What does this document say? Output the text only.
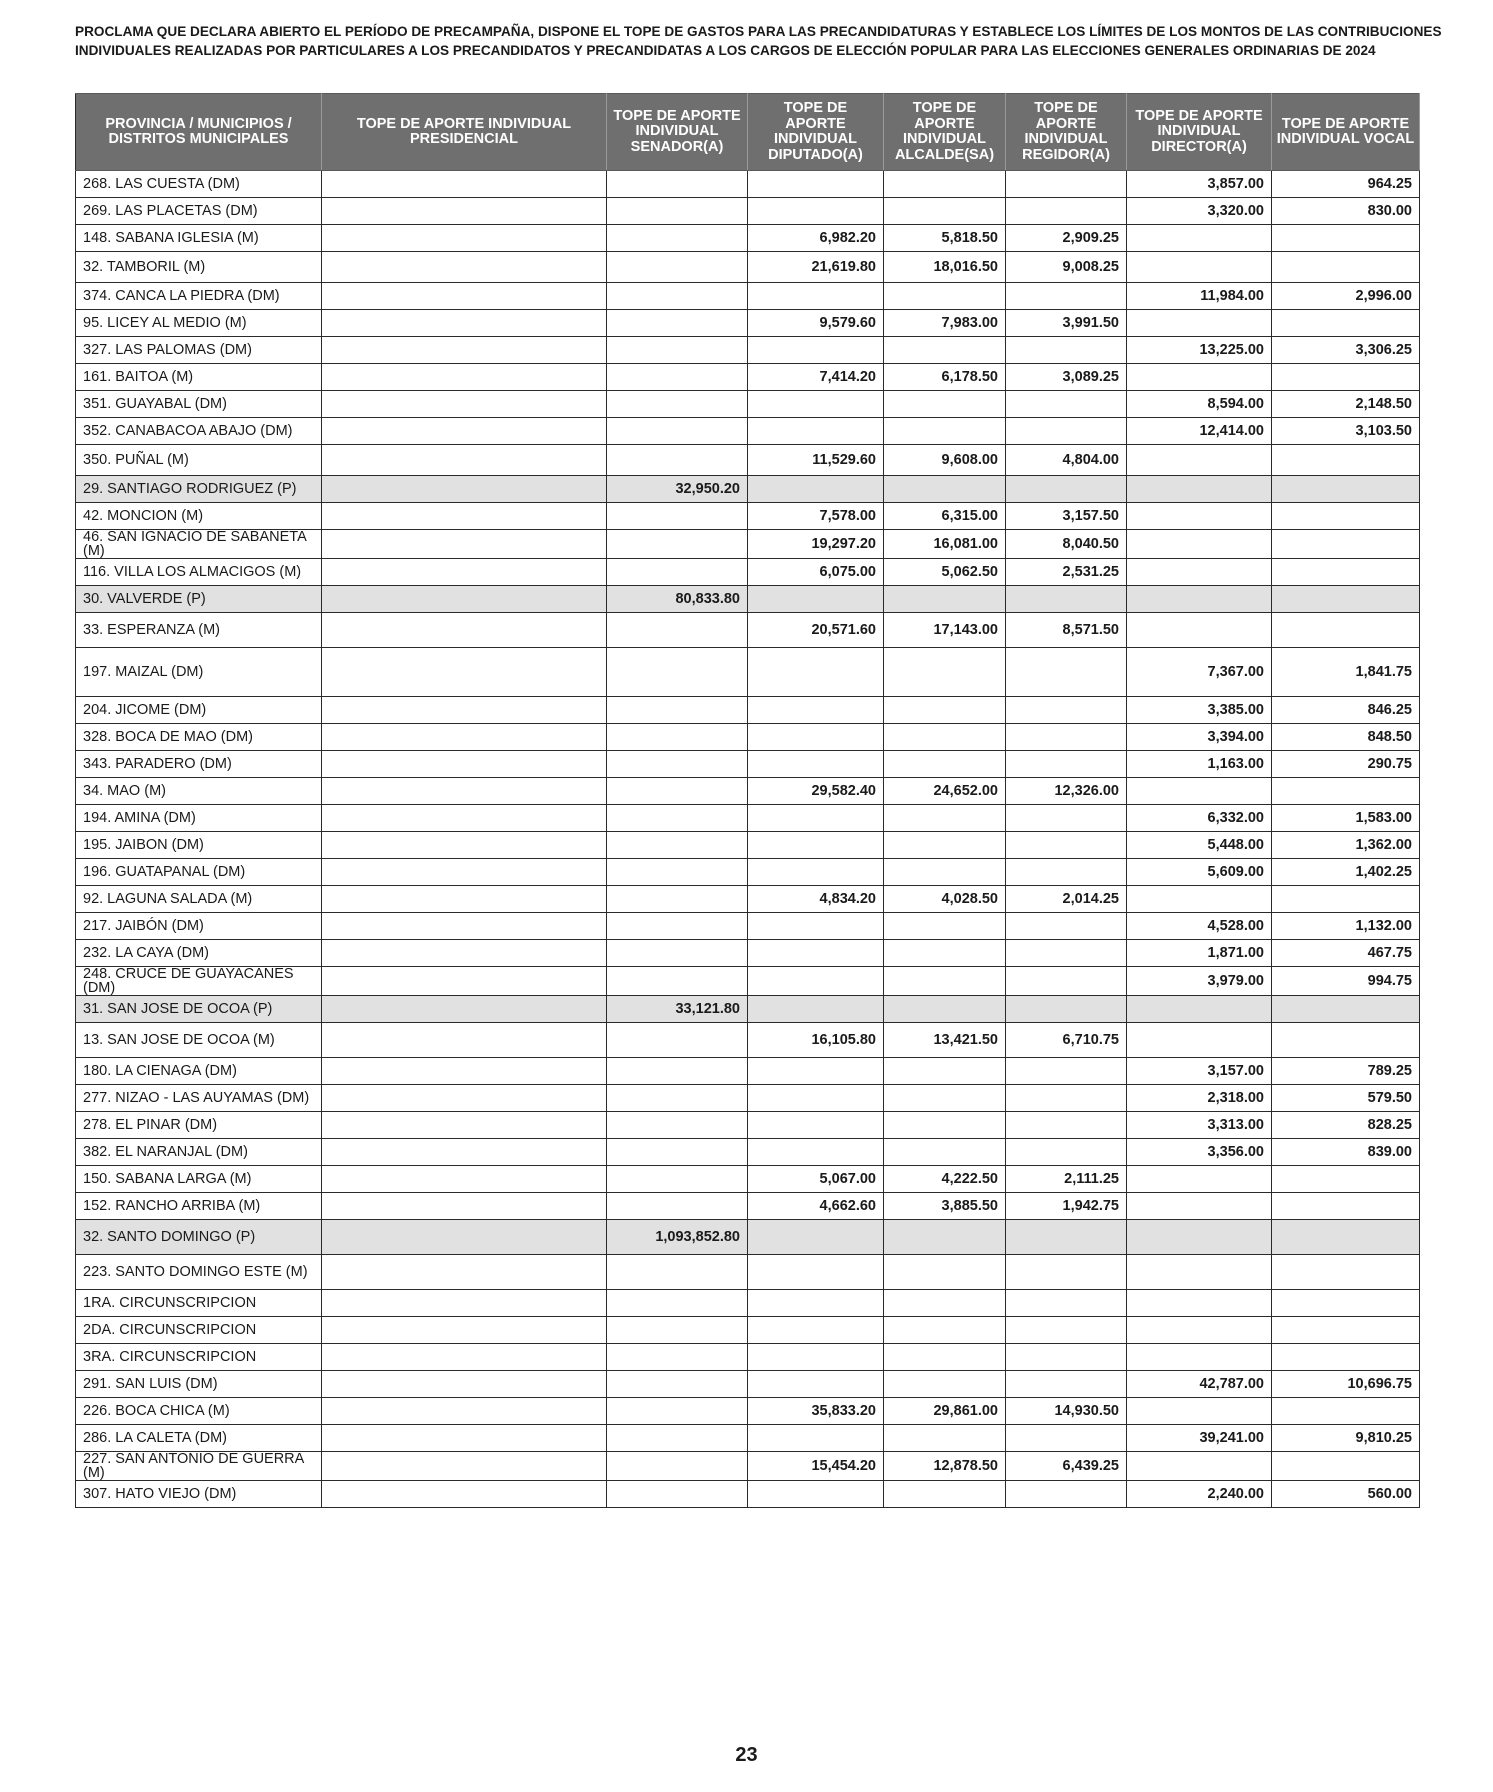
PROCLAMA QUE DECLARA ABIERTO EL PERÍODO DE PRECAMPAÑA, DISPONE EL TOPE DE GASTOS PARA LAS PRECANDIDATURAS Y ESTABLECE LOS LÍMITES DE LOS MONTOS DE LAS CONTRIBUCIONES
INDIVIDUALES REALIZADAS POR PARTICULARES A LOS PRECANDIDATOS Y PRECANDIDATAS A LOS CARGOS DE ELECCIÓN POPULAR PARA LAS ELECCIONES GENERALES ORDINARIAS DE 2024
PROVINCIA / MUNICIPIOS / DISTRITOS MUNICIPALES	TOPE DE APORTE INDIVIDUAL PRESIDENCIAL	TOPE DE APORTE INDIVIDUAL SENADOR(A)	TOPE DE APORTE INDIVIDUAL DIPUTADO(A)	TOPE DE APORTE INDIVIDUAL ALCALDE(SA)	TOPE DE APORTE INDIVIDUAL REGIDOR(A)	TOPE DE APORTE INDIVIDUAL DIRECTOR(A)	TOPE DE APORTE INDIVIDUAL VOCAL
268. LAS CUESTA (DM)						3,857.00	964.25
269. LAS PLACETAS (DM)						3,320.00	830.00
148. SABANA IGLESIA (M)			6,982.20	5,818.50	2,909.25		
32. TAMBORIL (M)			21,619.80	18,016.50	9,008.25		
374. CANCA LA PIEDRA (DM)						11,984.00	2,996.00
95. LICEY AL MEDIO (M)			9,579.60	7,983.00	3,991.50		
327. LAS PALOMAS (DM)						13,225.00	3,306.25
161. BAITOA (M)			7,414.20	6,178.50	3,089.25		
351. GUAYABAL (DM)						8,594.00	2,148.50
352. CANABACOA ABAJO (DM)						12,414.00	3,103.50
350. PUÑAL (M)			11,529.60	9,608.00	4,804.00		
29. SANTIAGO RODRIGUEZ (P)		32,950.20					
42. MONCION (M)			7,578.00	6,315.00	3,157.50		
46. SAN IGNACIO DE SABANETA (M)			19,297.20	16,081.00	8,040.50		
116. VILLA LOS ALMACIGOS (M)			6,075.00	5,062.50	2,531.25		
30. VALVERDE (P)		80,833.80					
33. ESPERANZA (M)			20,571.60	17,143.00	8,571.50		
197. MAIZAL (DM)						7,367.00	1,841.75
204. JICOME (DM)						3,385.00	846.25
328. BOCA DE MAO (DM)						3,394.00	848.50
343. PARADERO (DM)						1,163.00	290.75
34. MAO (M)			29,582.40	24,652.00	12,326.00		
194. AMINA (DM)						6,332.00	1,583.00
195. JAIBON (DM)						5,448.00	1,362.00
196. GUATAPANAL (DM)						5,609.00	1,402.25
92. LAGUNA SALADA (M)			4,834.20	4,028.50	2,014.25		
217. JAIBÓN (DM)						4,528.00	1,132.00
232. LA CAYA (DM)						1,871.00	467.75
248. CRUCE DE GUAYACANES (DM)						3,979.00	994.75
31. SAN JOSE DE OCOA (P)		33,121.80					
13. SAN JOSE DE OCOA (M)			16,105.80	13,421.50	6,710.75		
180. LA CIENAGA (DM)						3,157.00	789.25
277. NIZAO - LAS AUYAMAS (DM)						2,318.00	579.50
278. EL PINAR (DM)						3,313.00	828.25
382. EL NARANJAL (DM)						3,356.00	839.00
150. SABANA LARGA (M)			5,067.00	4,222.50	2,111.25		
152. RANCHO ARRIBA (M)			4,662.60	3,885.50	1,942.75		
32. SANTO DOMINGO (P)		1,093,852.80					
223. SANTO DOMINGO ESTE (M)							
1RA. CIRCUNSCRIPCION							
2DA. CIRCUNSCRIPCION							
3RA. CIRCUNSCRIPCION							
291. SAN LUIS (DM)						42,787.00	10,696.75
226. BOCA CHICA (M)			35,833.20	29,861.00	14,930.50		
286. LA CALETA (DM)						39,241.00	9,810.25
227. SAN ANTONIO DE GUERRA (M)			15,454.20	12,878.50	6,439.25		
307. HATO VIEJO (DM)						2,240.00	560.00
23
